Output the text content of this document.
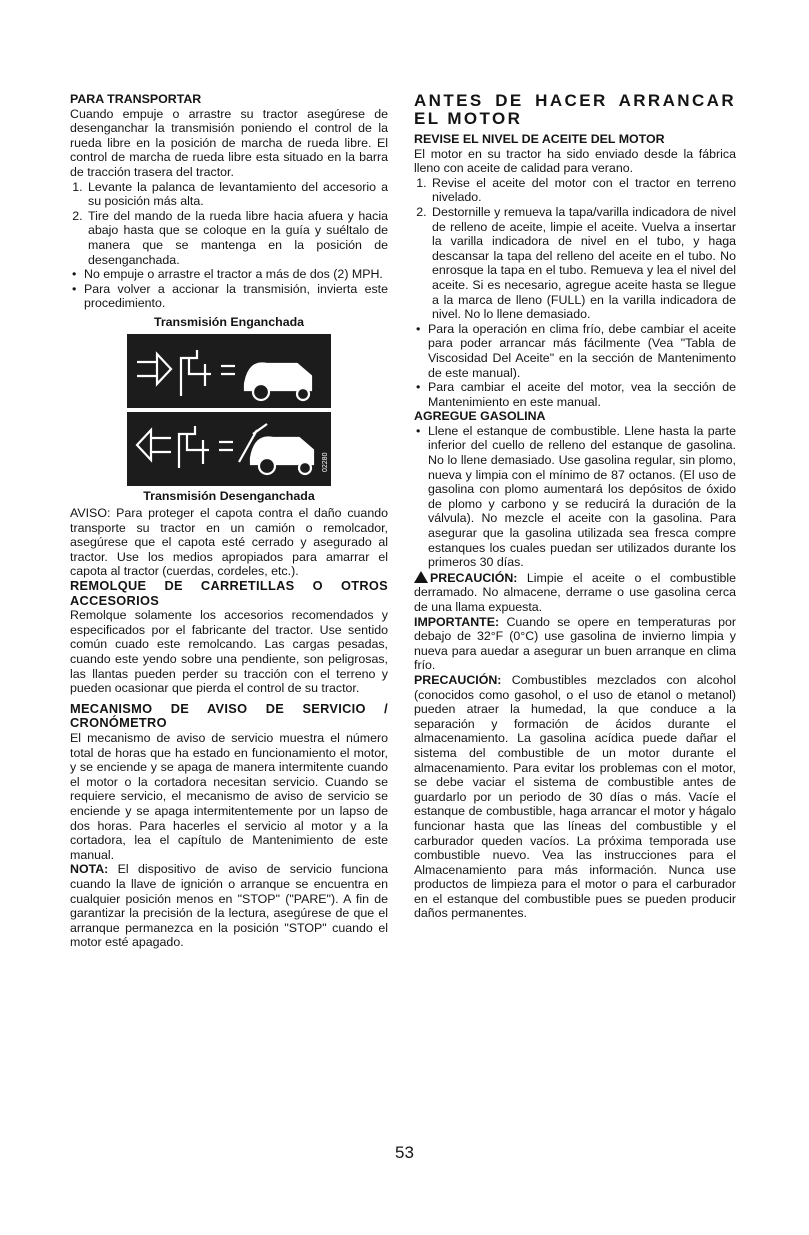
PARA TRANSPORTAR

Cuando empuje o arrastre su tractor asegúrese de desenganchar la transmisión poniendo el control de la rueda libre en la posición de marcha de rueda libre. El control de marcha de rueda libre esta situado en la barra de tracción trasera del tractor.

1. Levante la palanca de levantamiento del accesorio a su posición más alta.
2. Tire del mando de la rueda libre hacia afuera y hacia abajo hasta que se coloque en la guía y suéltalo de manera que se mantenga en la posición de desenganchada.
• No empuje o arrastre el tractor a más de dos (2) MPH.
• Para volver a accionar la transmisión, invierta este procedimiento.
Transmisión Enganchada
02280
Transmisión Desenganchada

AVISO: Para proteger el capota contra el daño cuando transporte su tractor en un camión o remolcador, asegúrese que el capota esté cerrado y asegurado al tractor. Use los medios apropiados para amarrar el capota al tractor (cuerdas, cordeles, etc.).

REMOLQUE DE CARRETILLAS O OTROS ACCESORIOS

Remolque solamente los accesorios recomendados y especificados por el fabricante del tractor. Use sentido común cuado este remolcando. Las cargas pesadas, cuando este yendo sobre una pendiente, son peligrosas, las llantas pueden perder su tracción con el terreno y pueden ocasionar que pierda el control de su tractor.

MECANISMO DE AVISO DE SERVICIO / CRONÓMETRO

El mecanismo de aviso de servicio muestra el número total de horas que ha estado en funcionamiento el motor, y se enciende y se apaga de manera intermitente cuando el motor o la cortadora necesitan servicio. Cuando se requiere servicio, el mecanismo de aviso de servicio se enciende y se apaga intermitentemente por un lapso de dos horas. Para hacerles el servicio al motor y a la cortadora, lea el capítulo de Mantenimiento de este manual.

NOTA: El dispositivo de aviso de servicio funciona cuando la llave de ignición o arranque se encuentra en cualquier posición menos en "STOP" ("PARE"). A fin de garantizar la precisión de la lectura, asegúrese de que el arranque permanezca en la posición "STOP" cuando el motor esté apagado.

ANTES DE HACER ARRANCAR EL MOTOR

REVISE EL NIVEL DE ACEITE DEL MOTOR

El motor en su tractor ha sido enviado desde la fábrica lleno con aceite de calidad para verano.

1. Revise el aceite del motor con el tractor en terreno nivelado.
2. Destornille y remueva la tapa/varilla indicadora de nivel de relleno de aceite, limpie el aceite. Vuelva a insertar la varilla indicadora de nivel en el tubo, y haga descansar la tapa del relleno del aceite en el tubo. No enrosque la tapa en el tubo. Remueva y lea el nivel del aceite. Si es necesario, agregue aceite hasta se llegue a la marca de lleno (FULL) en la varilla indicadora de nivel. No lo llene demasiado.
• Para la operación en clima frío, debe cambiar el aceite para poder arrancar más fácilmente (Vea "Tabla de Viscosidad Del Aceite" en la sección de Mantenimento de este manual).
• Para cambiar el aceite del motor, vea la sección de Mantenimiento en este manual.

AGREGUE GASOLINA

• Llene el estanque de combustible. Llene hasta la parte inferior del cuello de relleno del estanque de gasolina. No lo llene demasiado. Use gasolina regular, sin plomo, nueva y limpia con el mínimo de 87 octanos. (El uso de gasolina con plomo aumentará los depósitos de óxido de plomo y carbono y se reducirá la duración de la válvula). No mezcle el aceite con la gasolina. Para asegurar que la gasolina utilizada sea fresca compre estanques los cuales puedan ser utilizados durante los primeros 30 días.

PRECAUCIÓN: Limpie el aceite o el combustible derramado. No almacene, derrame o use gasolina cerca de una llama expuesta.

IMPORTANTE: Cuando se opere en temperaturas por debajo de 32°F (0°C) use gasolina de invierno limpia y nueva para auedar a asegurar un buen arranque en clima frío.

PRECAUCIÓN: Combustibles mezclados con alcohol (conocidos como gasohol, o el uso de etanol o metanol) pueden atraer la humedad, la que conduce a la separación y formación de ácidos durante el almacenamiento. La gasolina acídica puede dañar el sistema del combustible de un motor durante el almacenamiento. Para evitar los problemas con el motor, se debe vaciar el sistema de combustible antes de guardarlo por un periodo de 30 días o más. Vacíe el estanque de combustible, haga arrancar el motor y hágalo funcionar hasta que las líneas del combustible y el carburador queden vacíos. La próxima temporada use combustible nuevo. Vea las instrucciones para el Almacenamiento para más información. Nunca use productos de limpieza para el motor o para el carburador en el estanque del combustible pues se pueden producir daños permanentes.

53
